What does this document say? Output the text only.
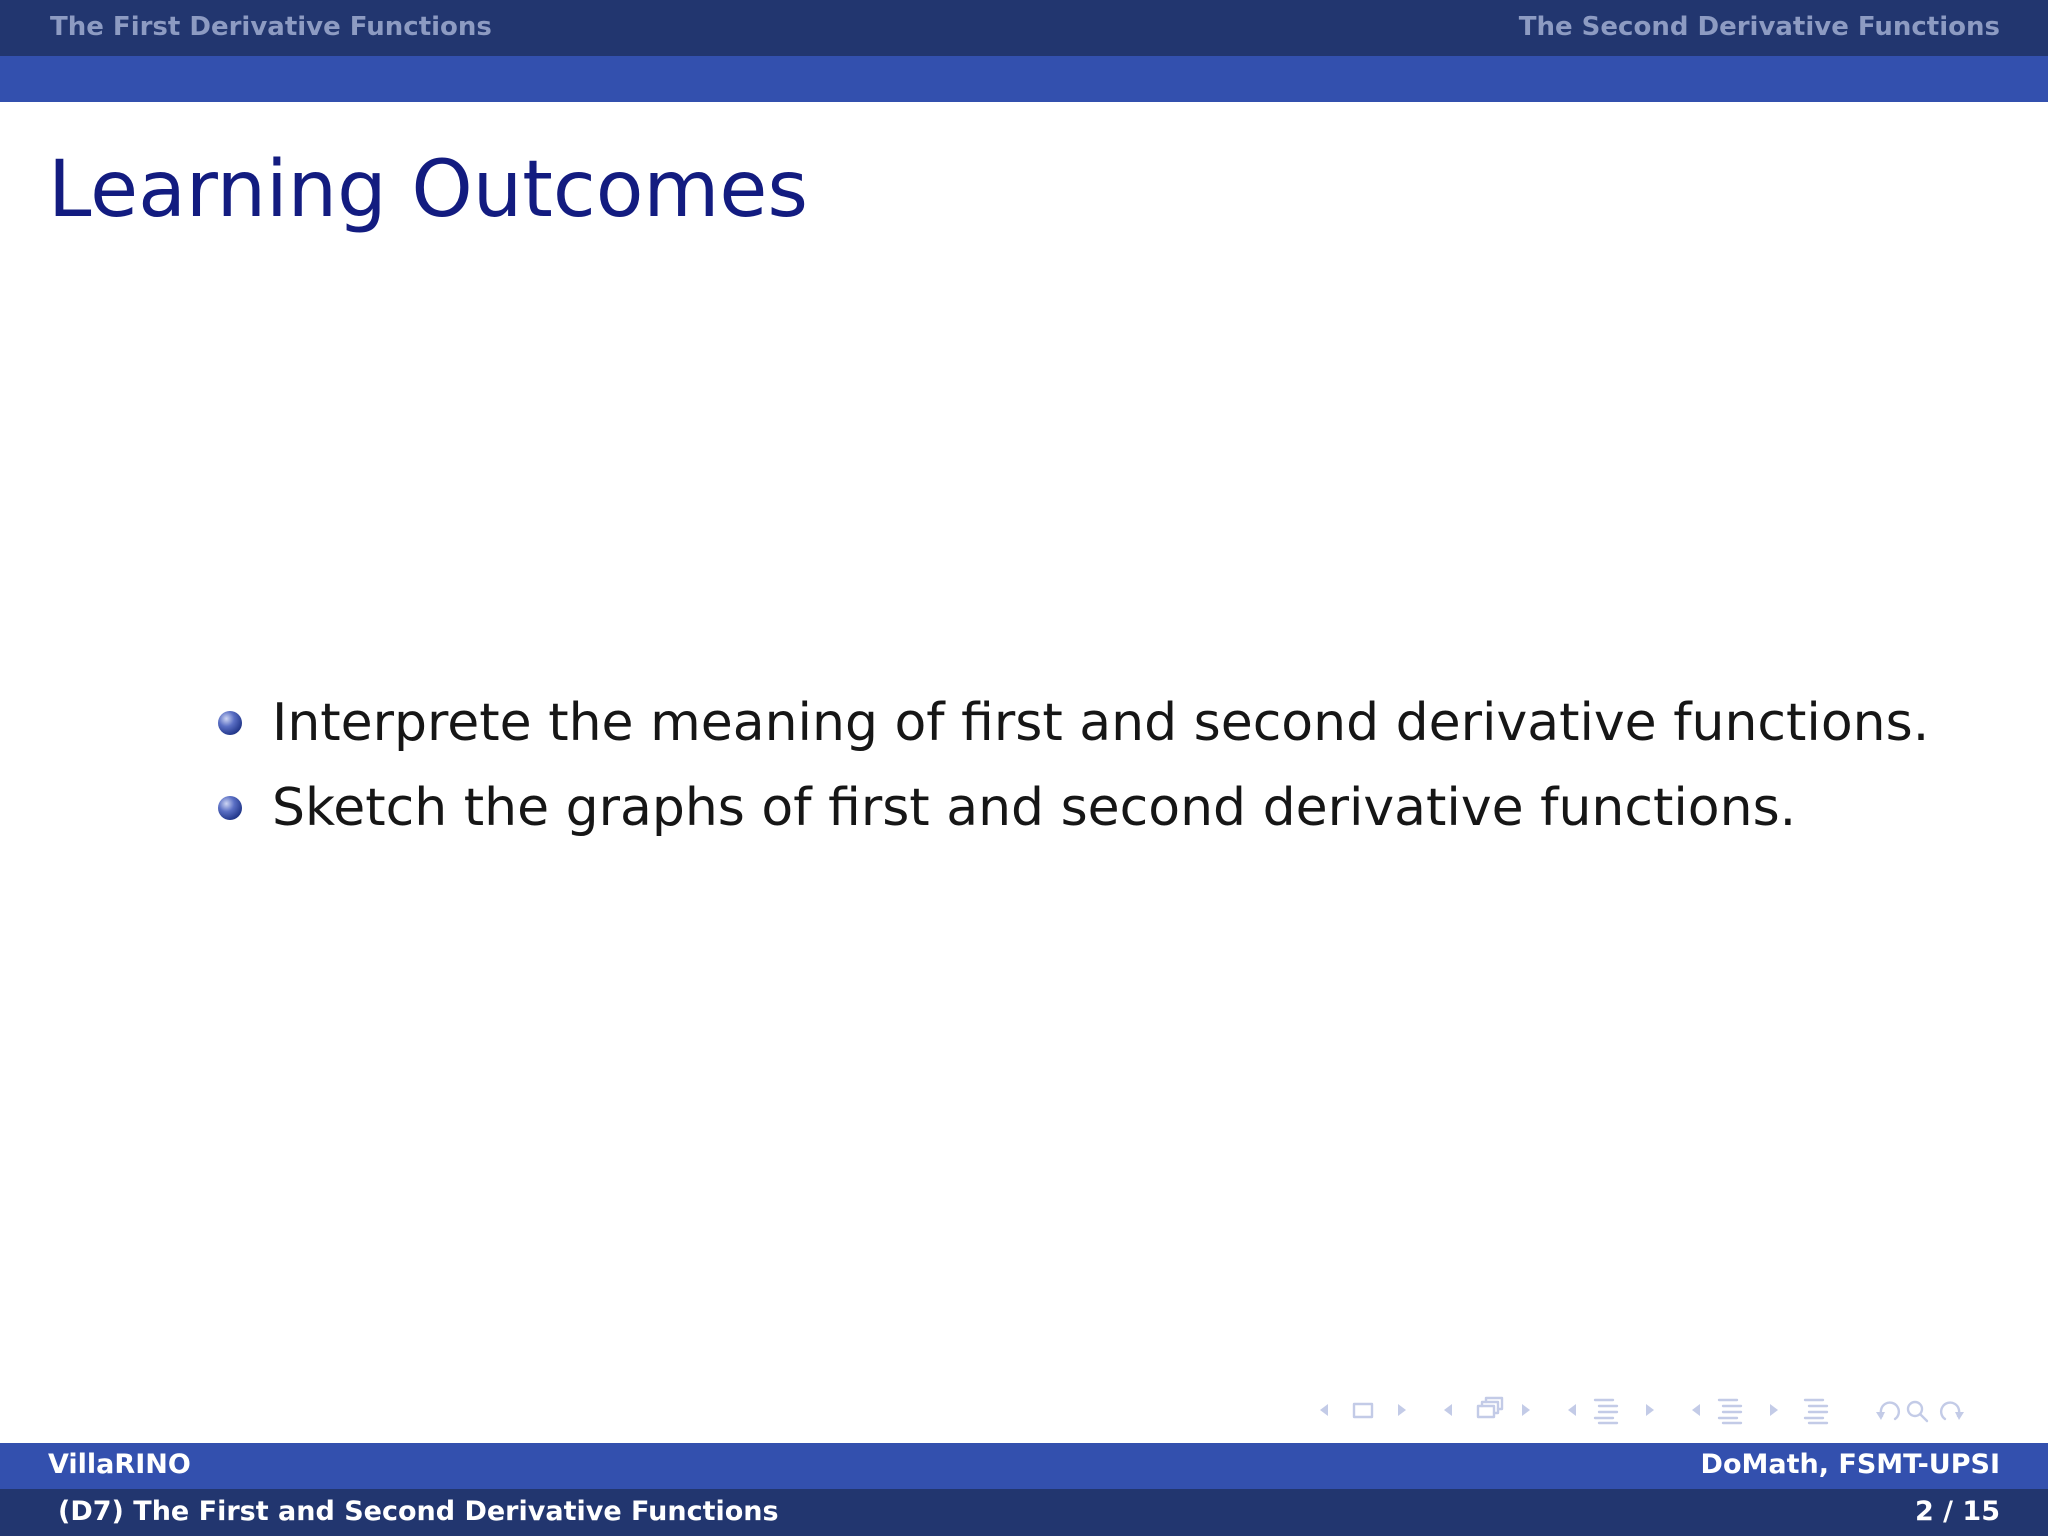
The First Derivative Functions	The Second Derivative Functions
Learning Outcomes
Interprete the meaning of first and second derivative functions.
Sketch the graphs of first and second derivative functions.
VillaRINO	DoMath, FSMT-UPSI
(D7) The First and Second Derivative Functions	2 / 15
